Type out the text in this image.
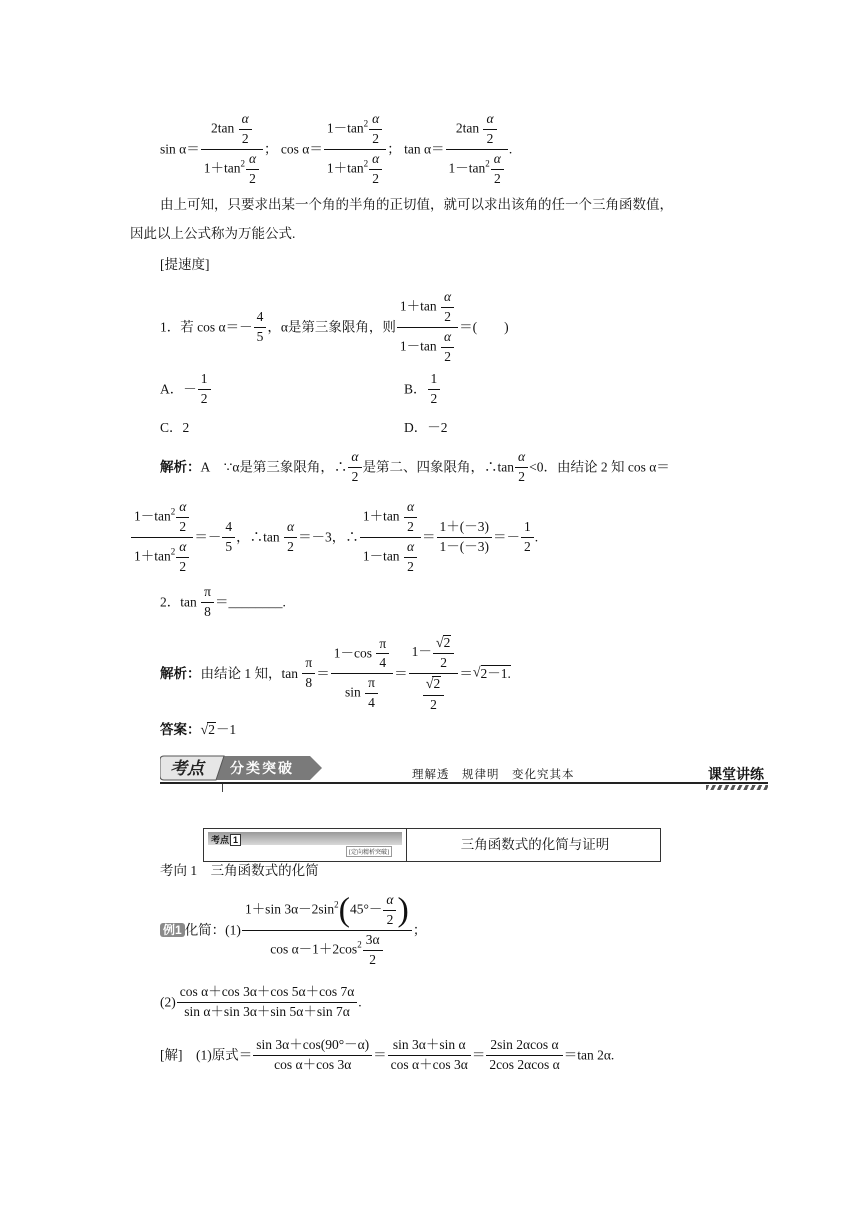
$\sin \alpha= \frac{2\tan \frac{\alpha}{2}}{1+\tan^2 \frac{\alpha}{2}}$ ； $\cos \alpha= \frac{1-\tan^2 \frac{\alpha}{2}}{1+\tan^2 \frac{\alpha}{2}}$ ； $\tan \alpha= \frac{2\tan \frac{\alpha}{2}}{1-\tan^2 \frac{\alpha}{2}}$ .
由上可知，只要求出某一个角的半角的正切值，就可以求出该角的任一个三角函数值，
因此以上公式称为万能公式.
[提速度]
1．若 $\cos \alpha=- \frac{4}{5}$ ，α是第三象限角，则 $\frac{1+\tan \frac{\alpha}{2}}{1-\tan \frac{\alpha}{2}}$ ＝(　　)
A．－ $\frac{1}{2}$	B． $\frac{1}{2}$
C．2	D．－2
解析：A　 ∵α是第三象限角，∴ $\frac{\alpha}{2}$ 是第二、四象限角，∴tan $\frac{\alpha}{2} <0$．由结论 2 知 cos α＝
$\frac{1-\tan^2 \frac{\alpha}{2}}{1+\tan^2 \frac{\alpha}{2}} =- \frac{4}{5}$ ，∴tan $\frac{\alpha}{2} =-3$，∴ $\frac{1+\tan \frac{\alpha}{2}}{1-\tan \frac{\alpha}{2}} = \frac{1+(-3)}{1-(-3)} =- \frac{1}{2}$ .
2．$\tan \frac{\pi}{8}$ ＝________.
解析：由结论 1 知，$\tan \frac{\pi}{8} = \frac{1-\cos \frac{\pi}{4}}{\sin \frac{\pi}{4}} = \frac{1- \frac{√2}{2}}{\frac{√2}{2}} =√2-1$.
答案：√2－1
考点 分类突破	理解透　规律明　变化究其本	课堂讲练
考点 1
[定向精析突破]
三角函数式的化简与证明
考向 1　三角函数式的化简
例1 化简：$(1) \frac{1+\sin 3\alpha-2\sin^2(45^\circ- \frac{\alpha}{2} )}{\cos \alpha-1+2\cos^2 \frac{3\alpha}{2}}$ ；
$(2) \frac{\text{cos α＋cos 3α＋cos 5α＋cos 7α}}{\text{sin α＋sin 3α＋sin 5α＋sin 7α}}$ .
[解]　 (1)原式＝ $\frac{\sin 3\alpha+\cos(90^\circ-\alpha)}{\text{cos α＋cos 3α}} = \frac{\text{sin 3α＋sin α}}{\text{cos α＋cos 3α}} = \frac{\text{2sin 2αcos α}}{\text{2cos 2αcos α}} =\tan$ 2α.
